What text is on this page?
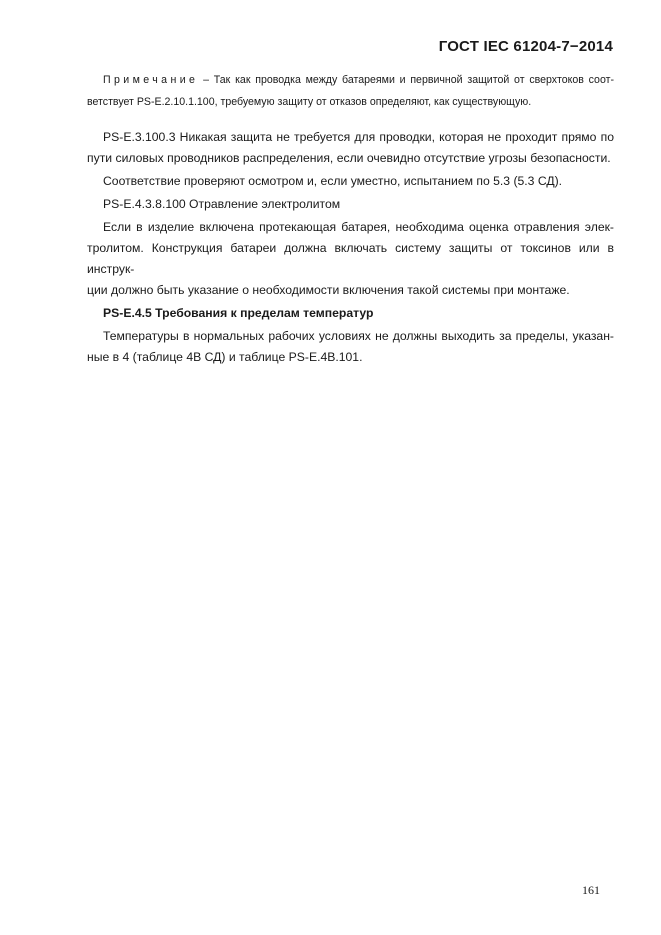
ГОСТ IEC 61204-7−2014
Примечание – Так как проводка между батареями и первичной защитой от сверхтоков соот-
ветствует PS-E.2.10.1.100, требуемую защиту от отказов определяют, как существующую.

PS-E.3.100.3 Никакая защита не требуется для проводки, которая не проходит прямо по
пути силовых проводников распределения, если очевидно отсутствие угрозы безопасности.

Соответствие проверяют осмотром и, если уместно, испытанием по 5.3 (5.3 СД).

PS-E.4.3.8.100 Отравление электролитом

Если в изделие включена протекающая батарея, необходима оценка отравления элек-
тролитом. Конструкция батареи должна включать систему защиты от токсинов или в инструк-
ции должно быть указание о необходимости включения такой системы при монтаже.

PS-E.4.5 Требования к пределам температур

Температуры в нормальных рабочих условиях не должны выходить за пределы, указан-
ные в 4 (таблице 4В СД) и таблице PS-E.4B.101.

161
